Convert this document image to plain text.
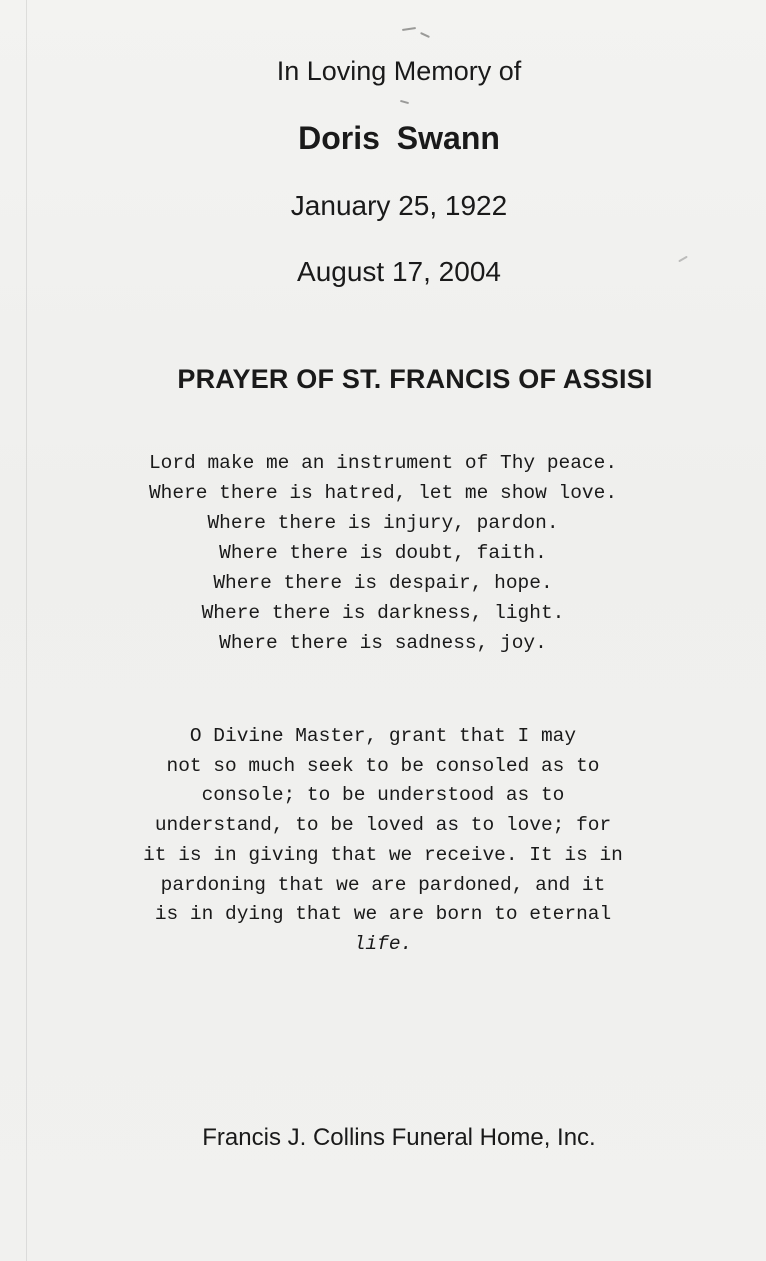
In Loving Memory of
Doris Swann
January 25, 1922
August 17, 2004
PRAYER OF ST. FRANCIS OF ASSISI
Lord make me an instrument of Thy peace.
Where there is hatred, let me show love.
Where there is injury, pardon.
Where there is doubt, faith.
Where there is despair, hope.
Where there is darkness, light.
Where there is sadness, joy.
O Divine Master, grant that I may
not so much seek to be consoled as to
console; to be understood as to
understand, to be loved as to love; for
it is in giving that we receive. It is in
pardoning that we are pardoned, and it
is in dying that we are born to eternal
life.
Francis J. Collins Funeral Home, Inc.
